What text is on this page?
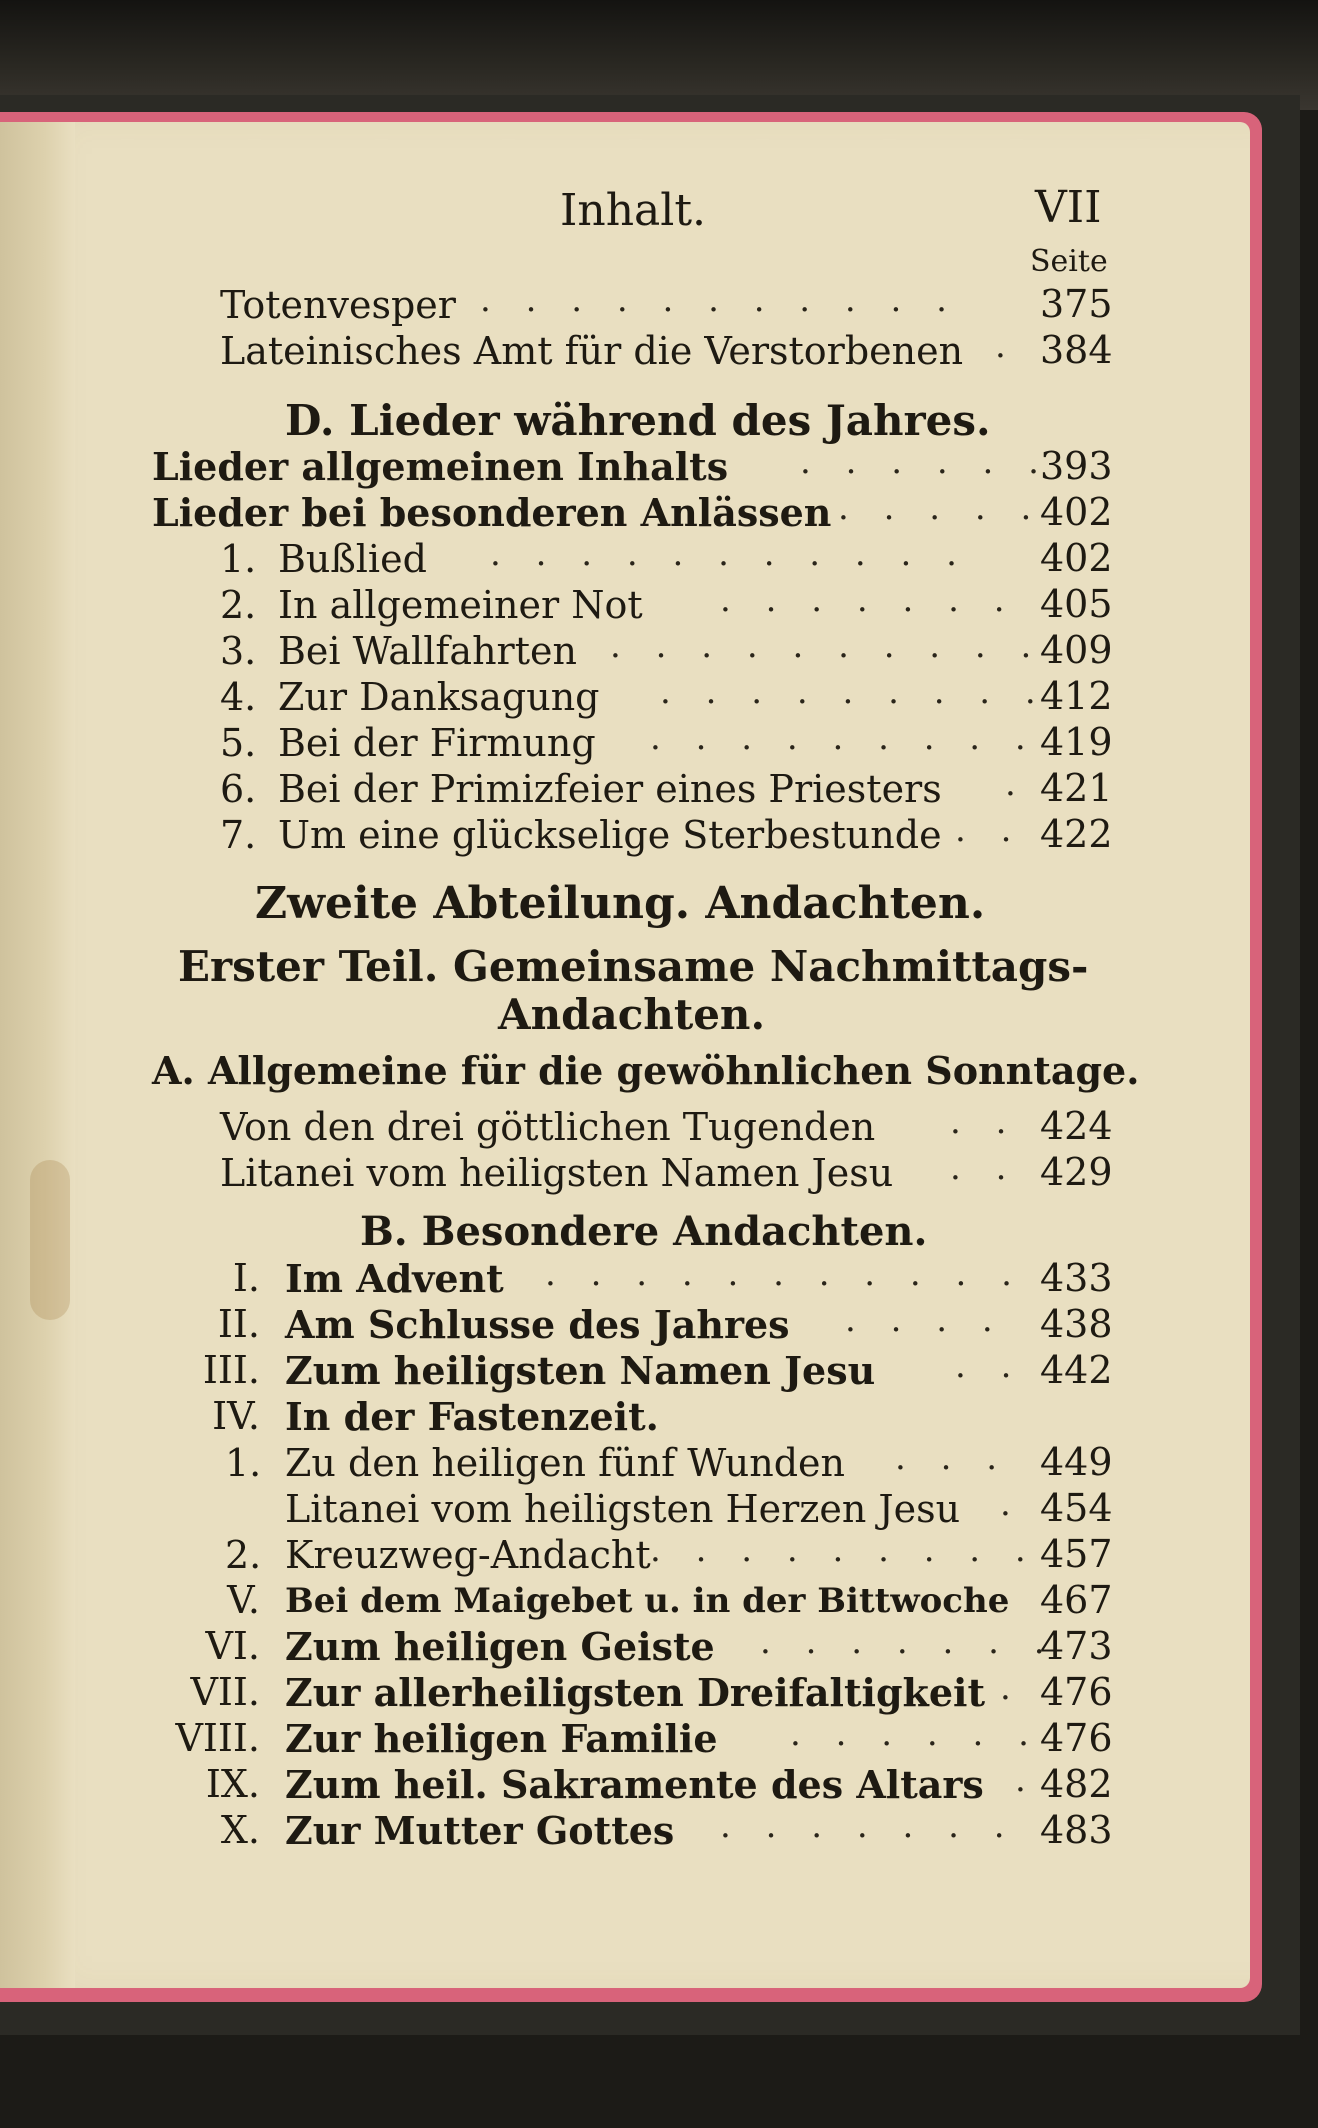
Inhalt.	VII
Seite
Totenvesper . . . . . . . . . . . 375
Lateinisches Amt für die Verstorbenen . 384
D. Lieder während des Jahres.
Lieder allgemeinen Inhalts . . . . . .
393
Lieder bei besonderen Anlässen . . . . .
402
1. Bußlied . . . . . . . . . . . 402
2. In allgemeiner Not . . . . . . . 405
3. Bei Wallfahrten . . . . . . . . . .
409
4. Zur Danksagung . . . . . . . . .
412
5. Bei der Firmung . . . . . . . . . 419
6. Bei der Primizfeier eines Priesters . 421
7. Um eine glückselige Sterbestunde . . 422
Zweite Abteilung. Andachten.
Erster Teil. Gemeinsame Nachmittags-
Andachten.
A. Allgemeine für die gewöhnlichen Sonntage.
Von den drei göttlichen Tugenden . . 424
Litanei vom heiligsten Namen Jesu . . 429
B. Besondere Andachten.
I. Im Advent . . . . . . . . . . . 433
II. Am Schlusse des Jahres . . . . 438
III. Zum heiligsten Namen Jesu . . 442
IV. In der Fastenzeit.
1. Zu den heiligen fünf Wunden . . . 449
Litanei vom heiligsten Herzen Jesu . 454
2. Kreuzweg-Andacht . . . . . . . . . 457
V. Bei dem Maigebet u. in der Bittwoche 467
VI. Zum heiligen Geiste . . . . . . .
473
VII. Zur allerheiligsten Dreifaltigkeit . 476
VIII. Zur heiligen Familie . . . . . . 476
IX. Zum heil. Sakramente des Altars . 482
X. Zur Mutter Gottes . . . . . . . 483
